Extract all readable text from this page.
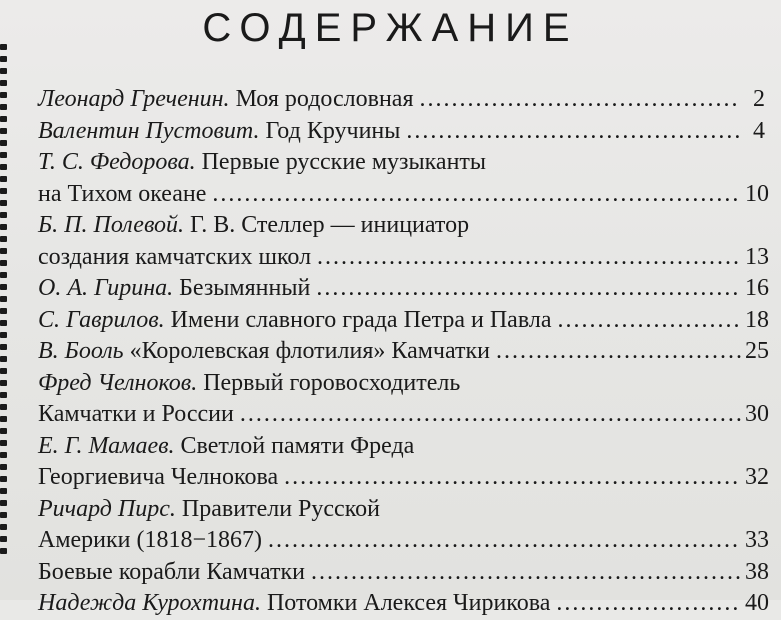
СОДЕРЖАНИЕ
Леонард Греченин.
Моя родословная .....	2
Валентин Пустовит.
Год Кручины .....	4
Т. С. Федорова.
Первые русские музыканты
на Тихом океане .....	10
Б. П. Полевой.
Г. В. Стеллер — инициатор
создания камчатских школ .....	13
О. А. Гирина.
Безымянный .....	16
С. Гаврилов.
Имени славного града Петра и Павла .....	18
В. Бооль
«Королевская флотилия» Камчатки .....	25
Фред Челноков.
Первый горовосходитель
Камчатки и России .....	30
Е. Г. Мамаев.
Светлой памяти Фреда
Георгиевича Челнокова .....	32
Ричард Пирс.
Правители Русской
Америки (1818−1867) .....	33
Боевые корабли Камчатки .....	38
Надежда Курохтина.
Потомки Алексея Чирикова .....	40
